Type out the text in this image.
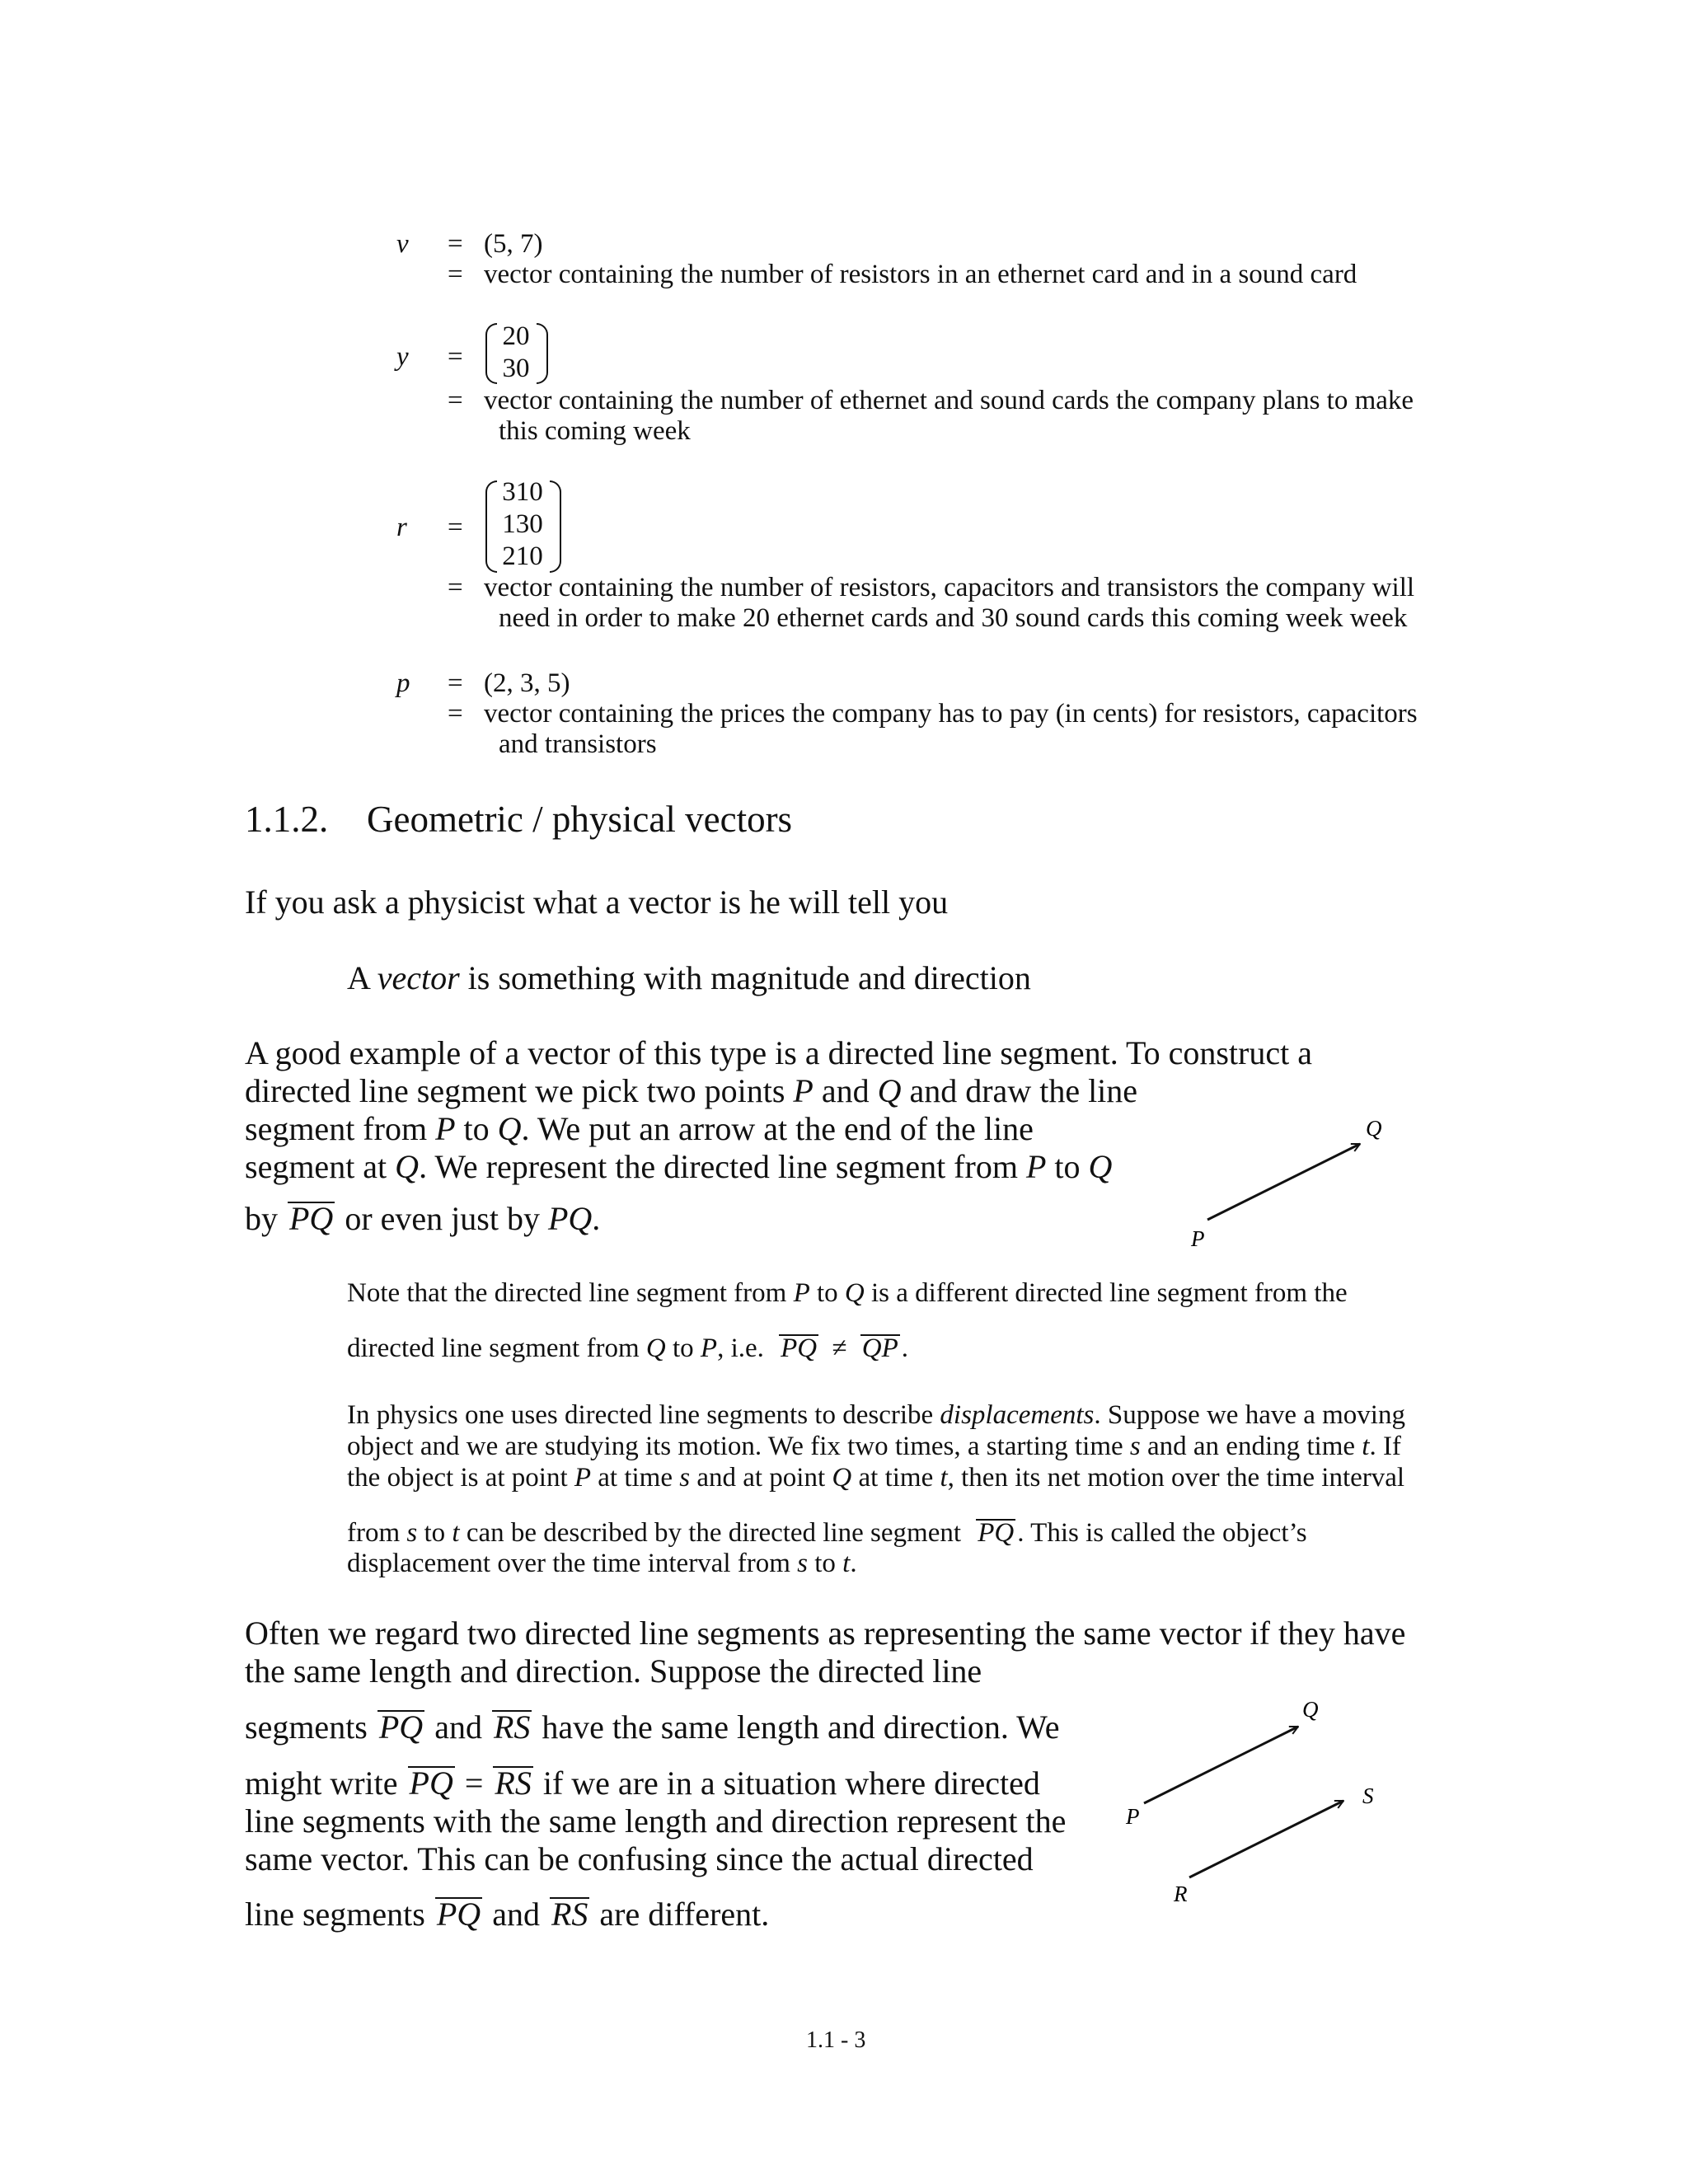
v = (5, 7)
= vector containing the number of resistors in an ethernet card and in a sound card
y =
20
30
= vector containing the number of ethernet and sound cards the company plans to make
this coming week
r =
310
130
210
= vector containing the number of resistors, capacitors and transistors the company will
need in order to make 20 ethernet cards and 30 sound cards this coming week week
p = (2, 3, 5)
= vector containing the prices the company has to pay (in cents) for resistors, capacitors
and transistors
1.1.2. Geometric / physical vectors
If you ask a physicist what a vector is he will tell you
A vector is something with magnitude and direction
A good example of a vector of this type is a directed line segment. To construct a
directed line segment we pick two points P and Q and draw the line
segment from P to Q. We put an arrow at the end of the line
segment at Q. We represent the directed line segment from P to Q
by PQ or even just by PQ.
P
Q
Note that the directed line segment from P to Q is a different directed line segment from the
directed line segment from Q to P, i.e. PQ ≠ QP .
In physics one uses directed line segments to describe displacements. Suppose we have a moving
object and we are studying its motion. We fix two times, a starting time s and an ending time t. If
the object is at point P at time s and at point Q at time t, then its net motion over the time interval
from s to t can be described by the directed line segment PQ . This is called the object’s
displacement over the time interval from s to t.
Often we regard two directed line segments as representing the same vector if they have
the same length and direction. Suppose the directed line
segments PQ and RS have the same length and direction. We
might write PQ = RS if we are in a situation where directed
line segments with the same length and direction represent the
same vector. This can be confusing since the actual directed
line segments PQ and RS are different.
P
Q
R
S
1.1 - 3
